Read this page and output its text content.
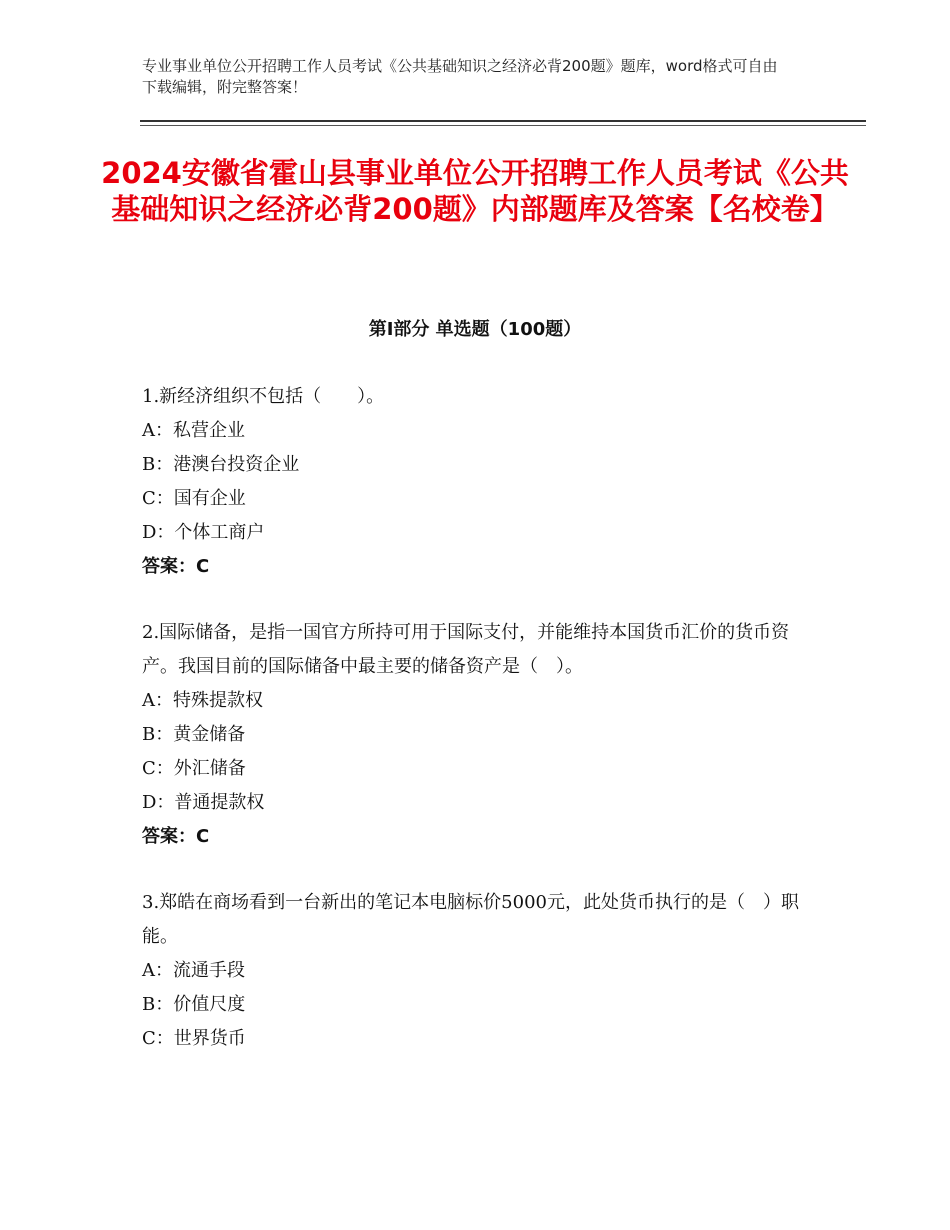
专业事业单位公开招聘工作人员考试《公共基础知识之经济必背200题》题库，word格式可自由下载编辑，附完整答案！
2024安徽省霍山县事业单位公开招聘工作人员考试《公共基础知识之经济必背200题》内部题库及答案【名校卷】
第Ⅰ部分 单选题（100题）
1.新经济组织不包括（　　）。
A：私营企业
B：港澳台投资企业
C：国有企业
D：个体工商户
答案：C
2.国际储备，是指一国官方所持可用于国际支付，并能维持本国货币汇价的货币资产。我国目前的国际储备中最主要的储备资产是（　）。
A：特殊提款权
B：黄金储备
C：外汇储备
D：普通提款权
答案：C
3.郑皓在商场看到一台新出的笔记本电脑标价5000元，此处货币执行的是（　）职能。
A：流通手段
B：价值尺度
C：世界货币
